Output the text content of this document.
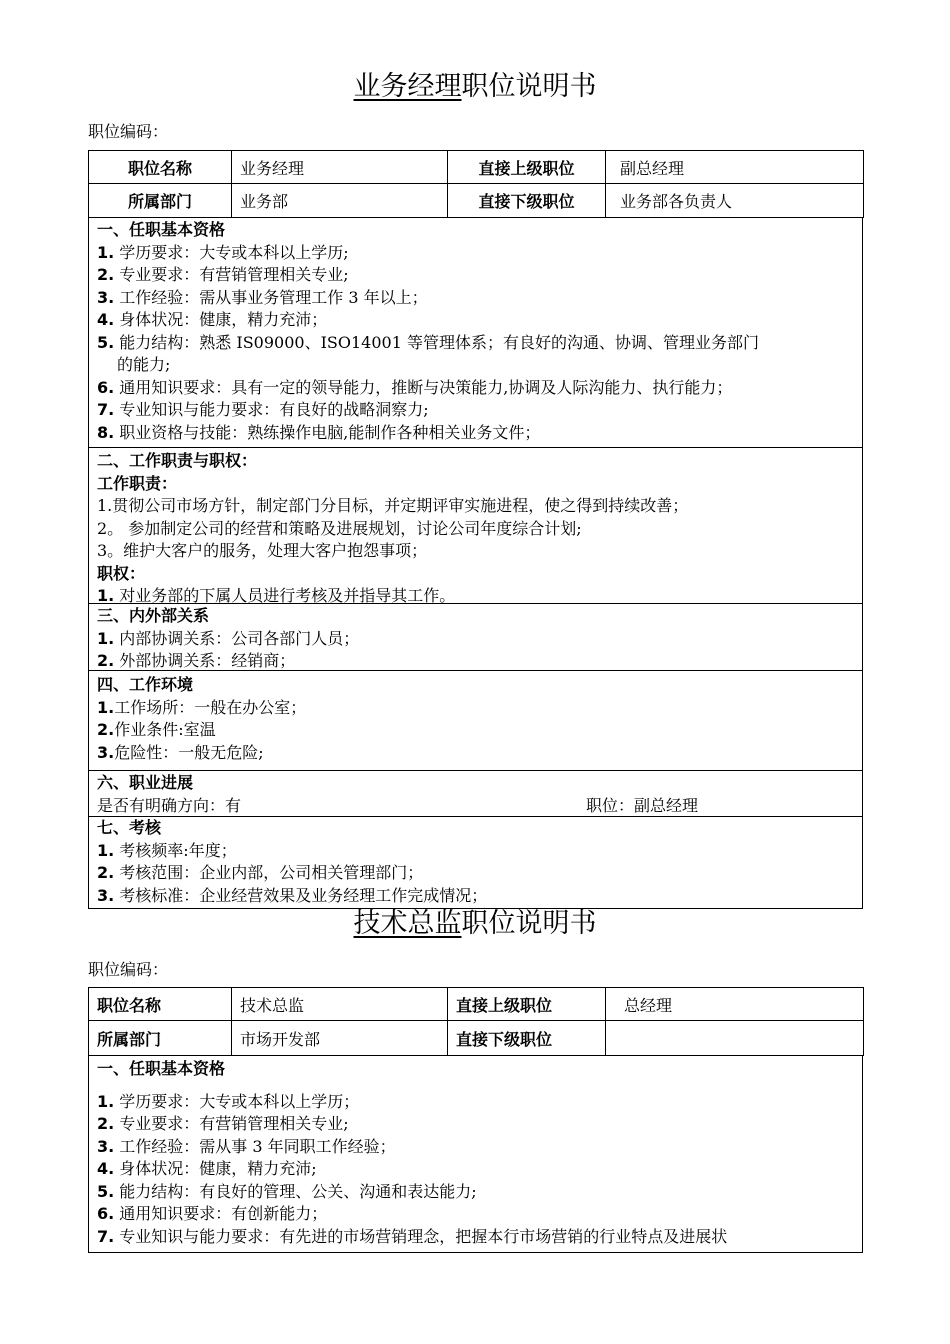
业务经理职位说明书
职位编码：
职位名称	业务经理	直接上级职位	副总经理
所属部门	业务部	直接下级职位	业务部各负责人
一、任职基本资格
1. 学历要求：大专或本科以上学历;
2. 专业要求：有营销管理相关专业;
3. 工作经验：需从事业务管理工作 3 年以上；
4. 身体状况：健康，精力充沛；
5. 能力结构：熟悉 IS09000、ISO14001 等管理体系；有良好的沟通、协调、管理业务部门
的能力;
6. 通用知识要求：具有一定的领导能力，推断与决策能力,协调及人际沟能力、执行能力；
7. 专业知识与能力要求：有良好的战略洞察力;
8. 职业资格与技能：熟练操作电脑,能制作各种相关业务文件；
二、工作职责与职权：
工作职责：
1.贯彻公司市场方针，制定部门分目标，并定期评审实施进程，使之得到持续改善；
2。 参加制定公司的经营和策略及进展规划，讨论公司年度综合计划;
3。维护大客户的服务，处理大客户抱怨事项；
职权：
1. 对业务部的下属人员进行考核及并指导其工作。
三、内外部关系
1. 内部协调关系：公司各部门人员；
2. 外部协调关系：经销商；
四、工作环境
1.工作场所：一般在办公室；
2.作业条件:室温
3.危险性：一般无危险;
六、职业进展
是否有明确方向：有	职位：副总经理
七、考核
1. 考核频率:年度；
2. 考核范围：企业内部，公司相关管理部门；
3. 考核标准：企业经营效果及业务经理工作完成情况；
技术总监职位说明书
职位编码：
职位名称	技术总监	直接上级职位	总经理
所属部门	市场开发部	直接下级职位	
一、任职基本资格
1. 学历要求：大专或本科以上学历；
2. 专业要求：有营销管理相关专业;
3. 工作经验：需从事 3 年同职工作经验；
4. 身体状况：健康，精力充沛;
5. 能力结构：有良好的管理、公关、沟通和表达能力;
6. 通用知识要求：有创新能力；
7. 专业知识与能力要求：有先进的市场营销理念，把握本行市场营销的行业特点及进展状
